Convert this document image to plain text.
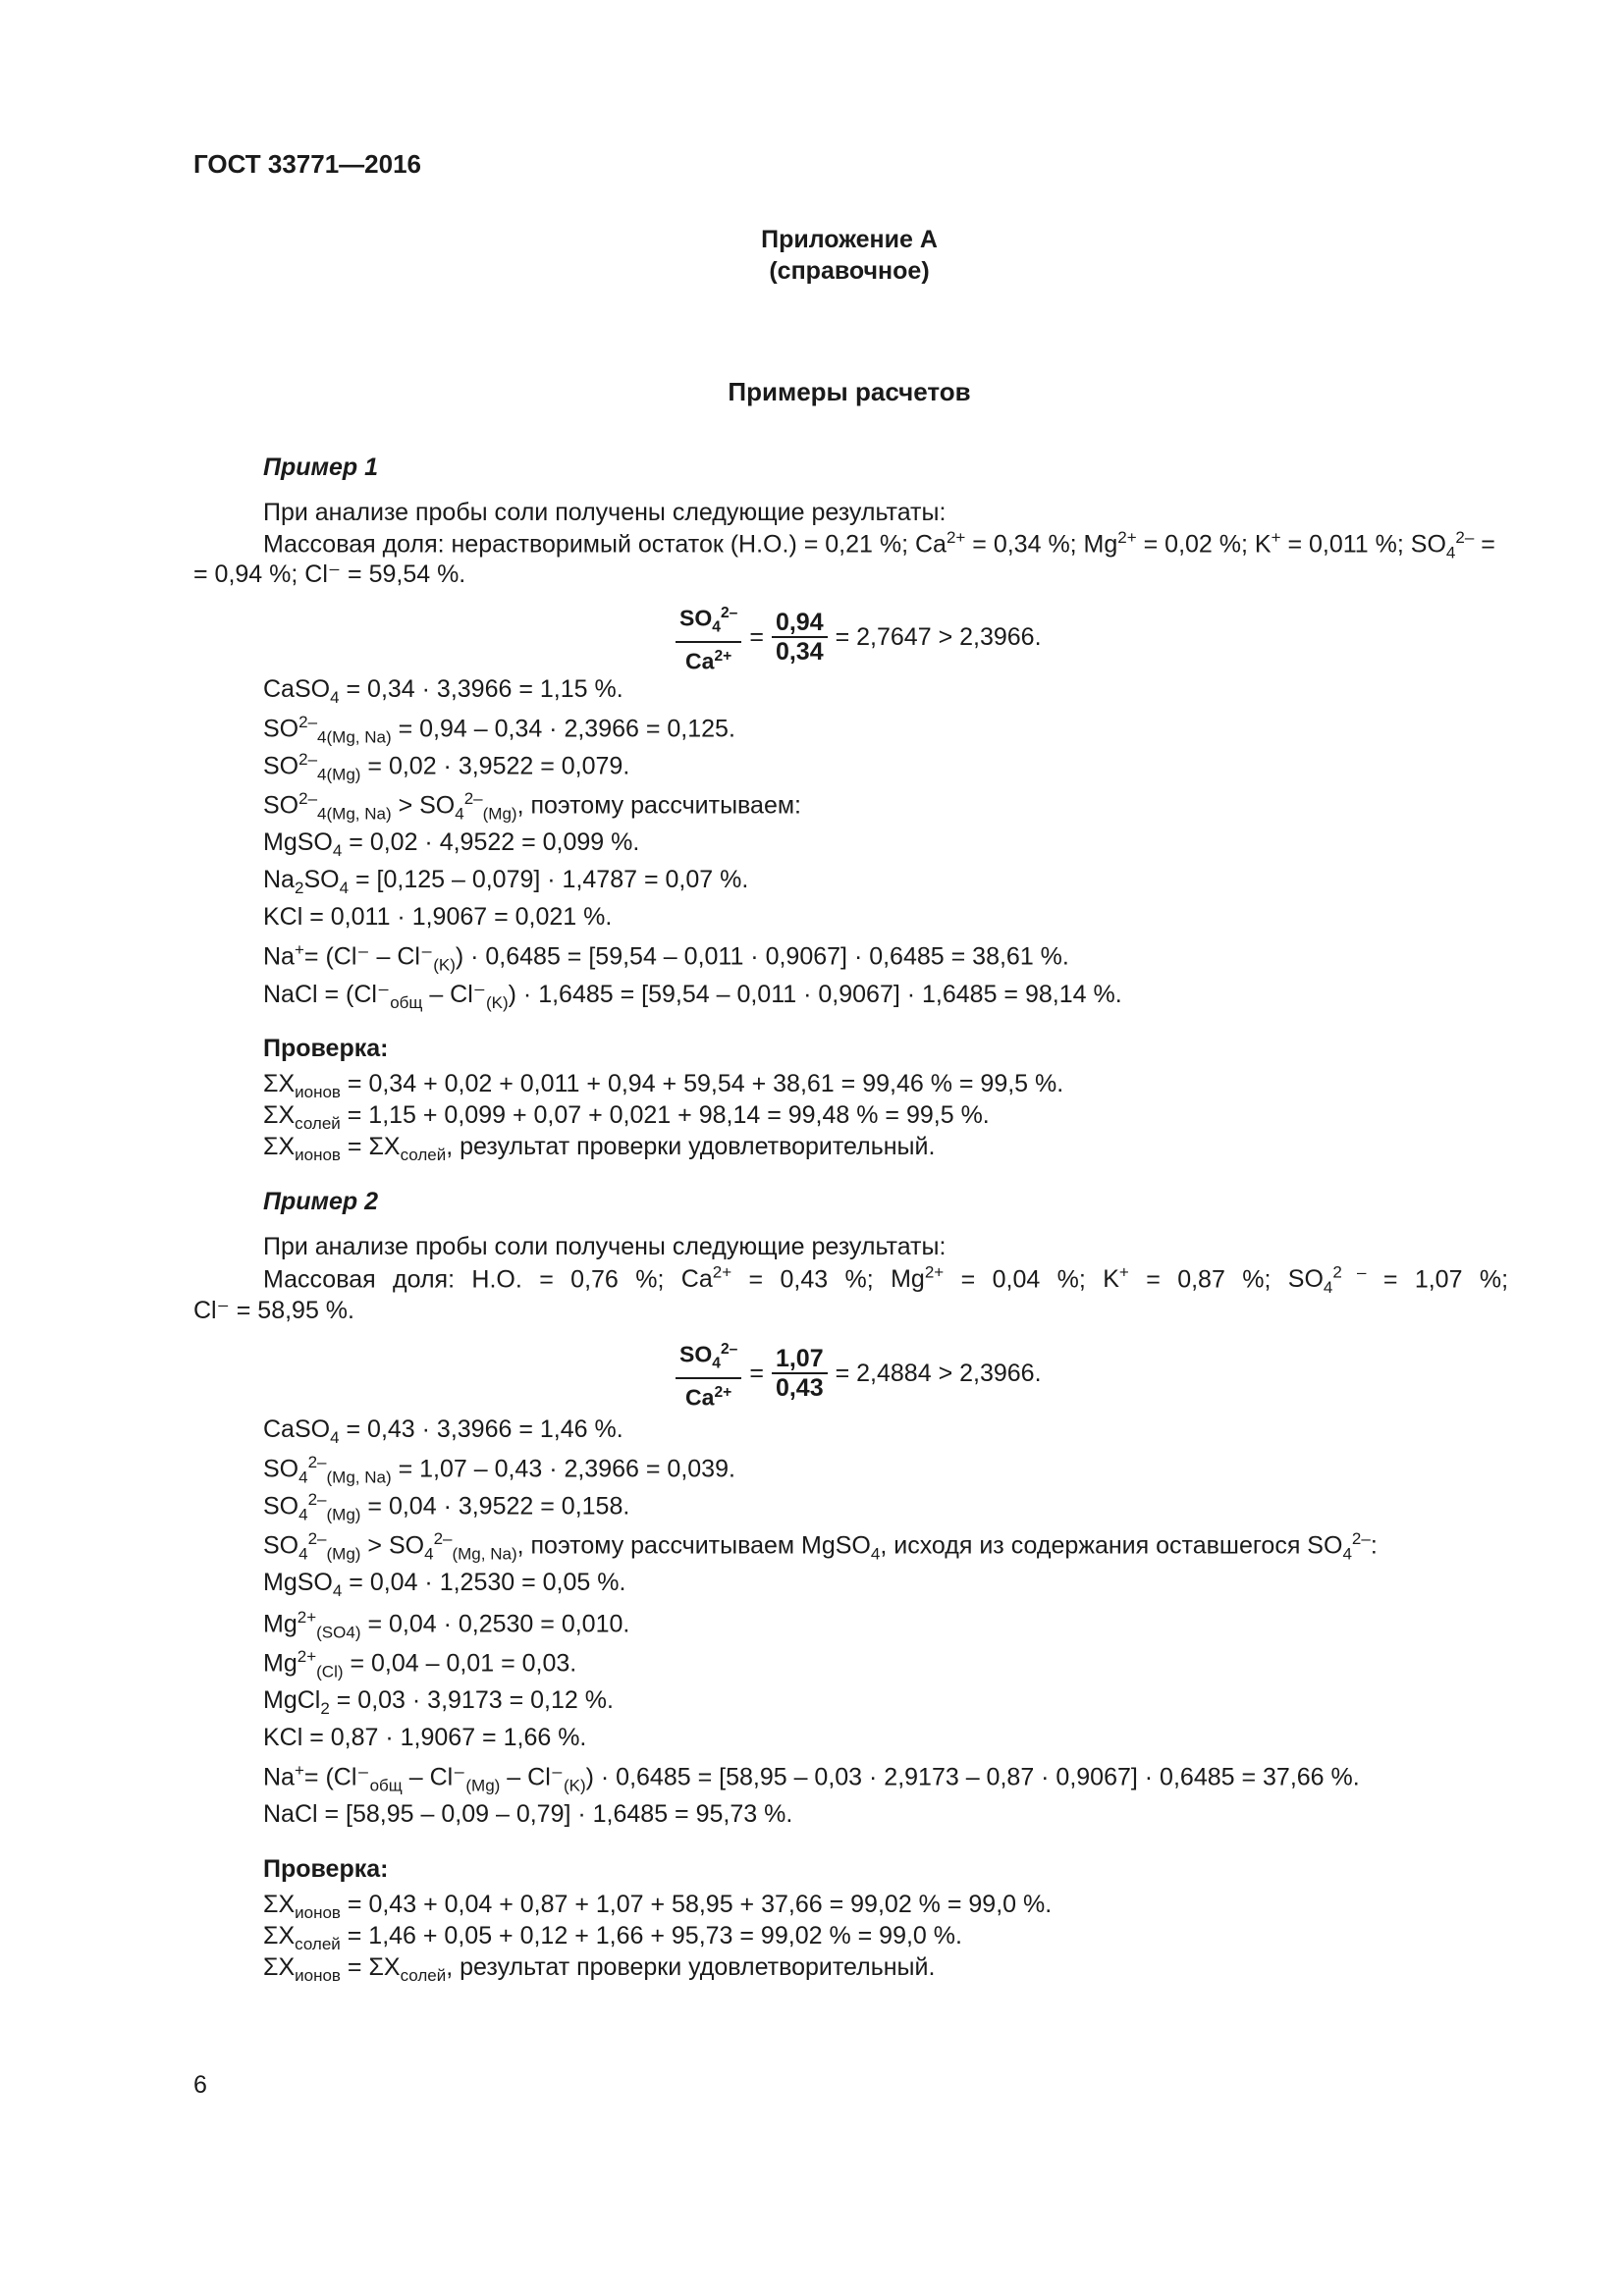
ГОСТ 33771—2016
Приложение А
(справочное)
Примеры расчетов
Пример 1
При анализе пробы соли получены следующие результаты:
Массовая доля: нерастворимый остаток (Н.О.) = 0,21 %; $Ca^{2+} = 0,34$ %; $Mg^{2+} = 0,02$ %; K+ = 0,011 %; $SO_4^{2-}$ =
= 0,94 %; Cl⁻ = 59,54 %.
$\frac{SO_4^{2-}}{Ca^{2+}} = \frac{0,94}{0,34} = 2,7647 > 2,3966$.
CaSO$_4$ = 0,34 · 3,3966 = 1,15 %.
$SO^{2-}_{4(Mg, Na)} = 0,94 - 0,34 \cdot 2,3966 = 0,125$.
$SO^{2-}_{4(Mg)} = 0,02 \cdot 3,9522 = 0,079$.
$SO^{2-}_{4(Mg, Na)} > SO_4^{2-}_{(Mg)}$, поэтому рассчитываем:
MgSO$_4$ = 0,02 · 4,9522 = 0,099 %.
$Na_2SO_4 = [0,125 - 0,079] \cdot 1,4787 = 0,07$ %.
KCl = 0,011 · 1,9067 = 0,021 %.
$Na^+= (Cl^- - Cl^-_{(K)}) \cdot 0,6485 = [59,54 - 0,011 \cdot 0,9067] \cdot 0,6485 = 38,61$ %.
NaCl = $(Cl^-_{общ} - Cl^-_{(K)}) \cdot 1,6485 = [59,54 - 0,011 \cdot 0,9067] \cdot 1,6485 = 98,14$ %.
Проверка:
$\Sigma X_{ионов} = 0,34 + 0,02 + 0,011 + 0,94 + 59,54 + 38,61 = 99,46$ % = 99,5 %.
$\Sigma X_{солей} = 1,15 + 0,099 + 0,07 + 0,021 + 98,14 = 99,48$ % = 99,5 %.
$\Sigma X_{ионов} = \Sigma X_{солей}$, результат проверки удовлетворительный.
Пример 2
При анализе пробы соли получены следующие результаты:
Массовая доля: Н.О. = 0,76 %; $Ca^{2+} = 0,43$ %; $Mg^{2+} = 0,04$ %; K+ = 0,87 %; $SO_4^{2 -} = 1,07$ %;
Cl⁻ = 58,95 %.
$\frac{SO_4^{2-}}{Ca^{2+}} = \frac{1,07}{0,43} = 2,4884 > 2,3966$.
CaSO$_4$ = 0,43 · 3,3966 = 1,46 %.
$SO_4^{2-}_{(Mg, Na)} = 1,07 - 0,43 \cdot 2,3966 = 0,039$.
$SO_4^{2-}_{(Mg)} = 0,04 \cdot 3,9522 = 0,158$.
$SO_4^{2-}_{(Mg)} > SO_4^{2-}_{(Mg, Na)}$, поэтому рассчитываем MgSO$_4$, исходя из содержания оставшегося $SO_4^{2-}$:
MgSO$_4$ = 0,04 · 1,2530 = 0,05 %.
$Mg^{2+}_{(SO4)} = 0,04 \cdot 0,2530 = 0,010$.
$Mg^{2+}_{(Cl)} = 0,04 - 0,01 = 0,03$.
MgCl$_2$ = 0,03 · 3,9173 = 0,12 %.
KCl = 0,87 · 1,9067 = 1,66 %.
$Na^+= (Cl^-_{общ} - Cl^-_{(Mg)} - Cl^-_{(K)}) \cdot 0,6485 = [58,95 - 0,03 \cdot 2,9173 - 0,87 \cdot 0,9067] \cdot 0,6485 = 37,66$ %.
NaCl = [58,95 – 0,09 – 0,79] · 1,6485 = 95,73 %.
Проверка:
$\Sigma X_{ионов} = 0,43 + 0,04 + 0,87 + 1,07 + 58,95 + 37,66 = 99,02$ % = 99,0 %.
$\Sigma X_{солей} = 1,46 + 0,05 + 0,12 + 1,66 + 95,73 = 99,02$ % = 99,0 %.
$\Sigma X_{ионов} = \Sigma X_{солей}$, результат проверки удовлетворительный.
6
